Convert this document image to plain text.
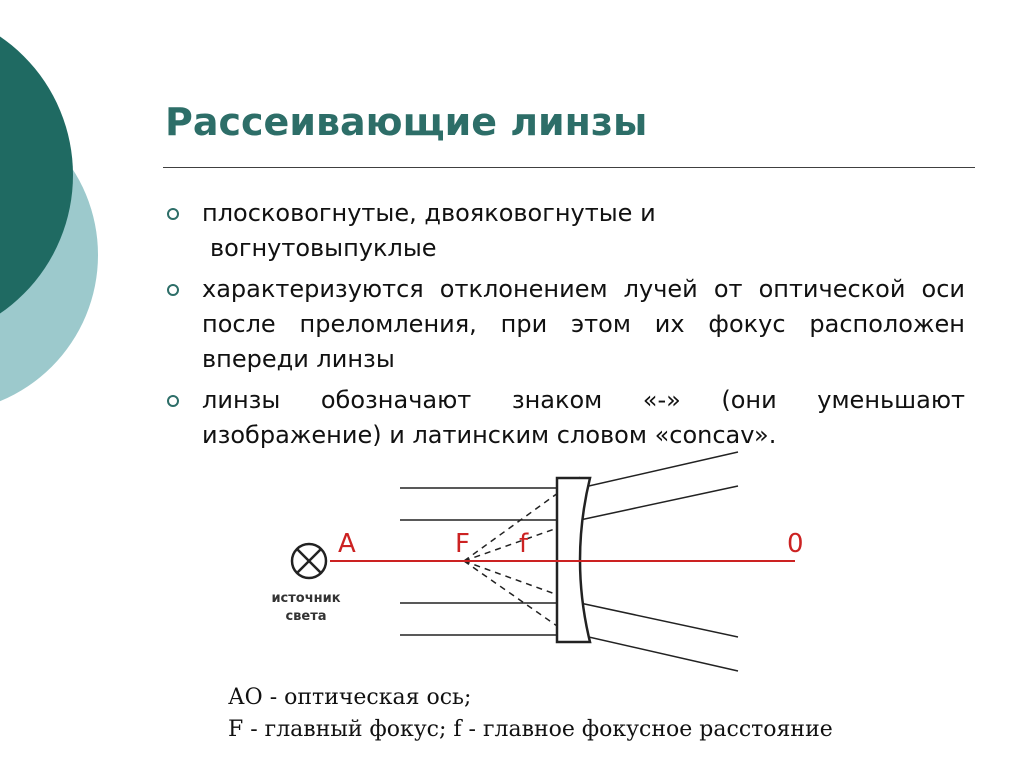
Рассеивающие линзы
плосковогнутые, двояковогнутые и
вогнутовыпуклые
характеризуются отклонением лучей от оптической оси после преломления, при этом их фокус расположен впереди линзы
линзы обозначают знаком «-» (они уменьшают изображение) и латинским словом «concav».
A	F f	0
источник
света
АО - оптическая ось;
F - главный фокус; f - главное фокусное расстояние
